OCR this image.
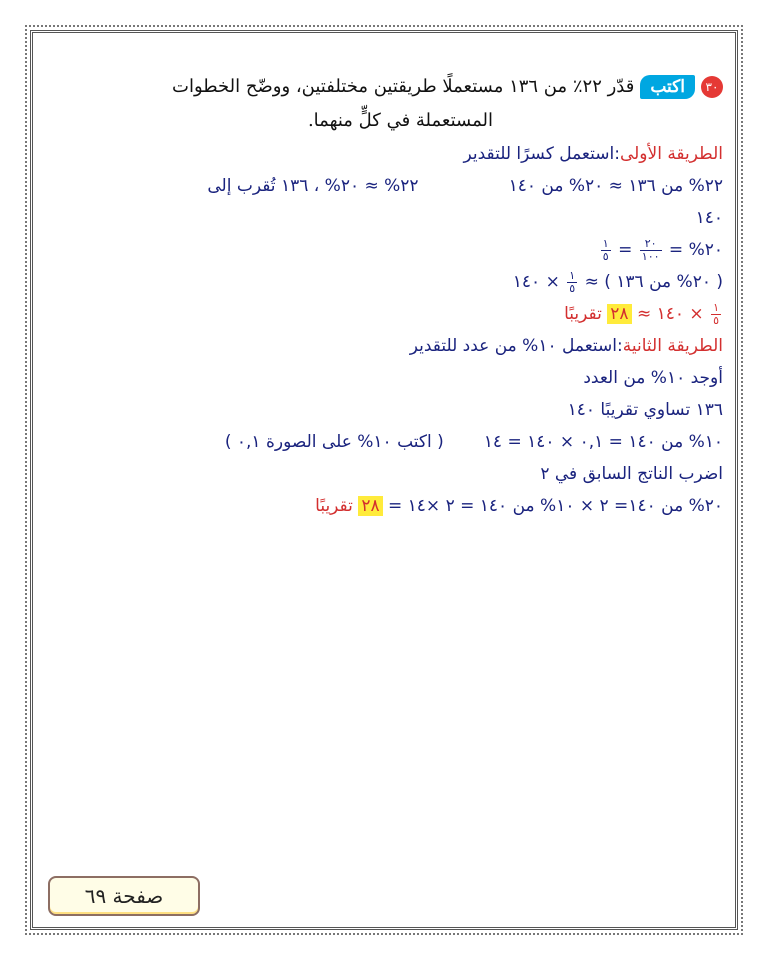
٣٠اكتبقدّر ٢٢٪ من ١٣٦ مستعملًا طريقتين مختلفتين، ووضّح الخطوات
المستعملة في كلٍّ منهما.
الطريقة الأولى:استعمل كسرًا للتقدير
٢٢% من ١٣٦ ≈ ٢٠% من ١٤٠٢٢% ≈ ٢٠% ، ١٣٦ تُقرب إلى
١٤٠
٢٠% =
$\frac{٢٠}{١٠٠}$
=
$\frac{١}{٥}$
( ٢٠% من ١٣٦ ) ≈
$\frac{١}{٥}$
× ١٤٠
$\frac{١}{٥}$
× ١٤٠ ≈ ٢٨ تقريبًا
الطريقة الثانية:استعمل ١٠% من عدد للتقدير
أوجد ١٠% من العدد
١٣٦ تساوي تقريبًا ١٤٠
١٠% من ١٤٠ = ٠,١ × ١٤٠ = ١٤( اكتب ١٠% على الصورة ٠,١ )
اضرب الناتج السابق في ٢
٢٠% من ١٤٠= ٢ × ١٠% من ١٤٠ = ٢ ×١٤ = ٢٨ تقريبًا
صفحة ٦٩
